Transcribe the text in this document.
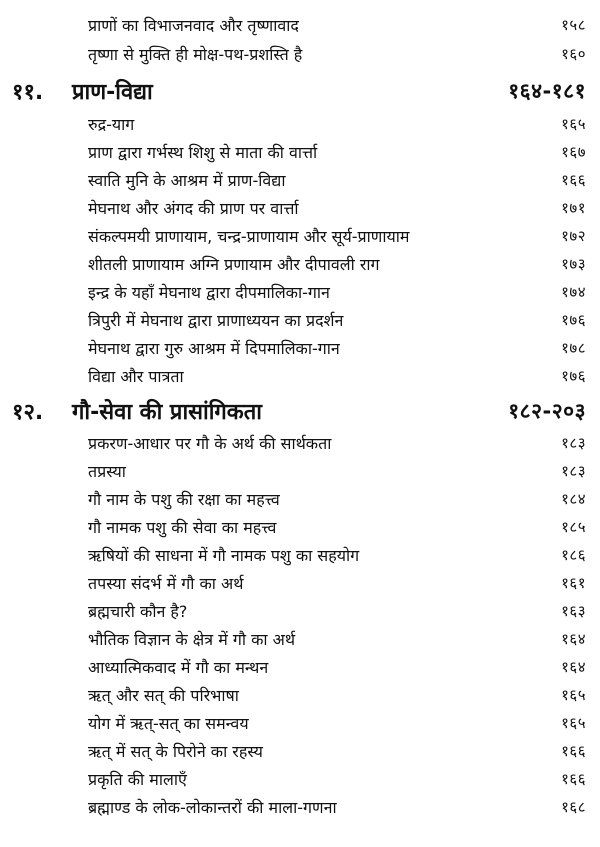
प्राणों का विभाजनवाद और तृष्णावाद	१५८
तृष्णा से मुक्ति ही मोक्ष-पथ-प्रशस्ति है	१६०
११. प्राण-विद्या	१६४-१८१
रुद्र-याग	१६५
प्राण द्वारा गर्भस्थ शिशु से माता की वार्त्ता	१६७
स्वाति मुनि के आश्रम में प्राण-विद्या	१६६
मेघनाथ और अंगद की प्राण पर वार्त्ता	१७१
संकल्पमयी प्राणायाम, चन्द्र-प्राणायाम और सूर्य-प्राणायाम	१७२
शीतली प्राणायाम अग्नि प्रणायाम और दीपावली राग	१७३
इन्द्र के यहाँ मेघनाथ द्वारा दीपमालिका-गान	१७४
त्रिपुरी में मेघनाथ द्वारा प्राणाध्ययन का प्रदर्शन	१७६
मेघनाथ द्वारा गुरु आश्रम में दिपमालिका-गान	१७८
विद्या और पात्रता	१७६
१२. गौ-सेवा की प्रासांगिकता	१८२-२०३
प्रकरण-आधार पर गौ के अर्थ की सार्थकता	१८३
तप्रस्या	१८३
गौ नाम के पशु की रक्षा का महत्त्व	१८४
गौ नामक पशु की सेवा का महत्त्व	१८५
ऋषियों की साधना में गौ नामक पशु का सहयोग	१८६
तपस्या संदर्भ में गौ का अर्थ	१६१
ब्रह्मचारी कौन है?	१६३
भौतिक विज्ञान के क्षेत्र में गौ का अर्थ	१६४
आध्यात्मिकवाद में गौ का मन्थन	१६४
ऋत् और सत् की परिभाषा	१६५
योग में ऋत्-सत् का समन्वय	१६५
ऋत् में सत् के पिरोने का रहस्य	१६६
प्रकृति की मालाएँ	१६६
ब्रह्माण्ड के लोक-लोकान्तरों की माला-गणना	१६८
